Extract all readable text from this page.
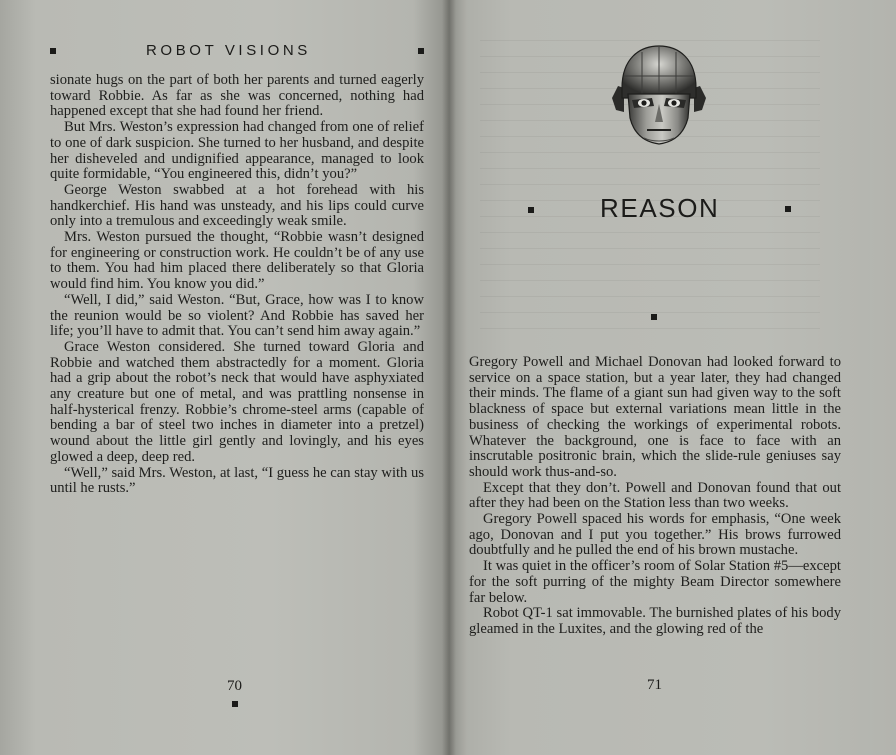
ROBOT VISIONS

sionate hugs on the part of both her parents and turned eagerly toward Robbie. As far as she was concerned, nothing had happened except that she had found her friend.

But Mrs. Weston’s expression had changed from one of relief to one of dark suspicion. She turned to her husband, and despite her disheveled and undignified appearance, managed to look quite formidable, “You engineered this, didn’t you?”

George Weston swabbed at a hot forehead with his handkerchief. His hand was unsteady, and his lips could curve only into a tremulous and exceedingly weak smile.

Mrs. Weston pursued the thought, “Robbie wasn’t designed for engineering or construction work. He couldn’t be of any use to them. You had him placed there deliberately so that Gloria would find him. You know you did.”

“Well, I did,” said Weston. “But, Grace, how was I to know the reunion would be so violent? And Robbie has saved her life; you’ll have to admit that. You can’t send him away again.”

Grace Weston considered. She turned toward Gloria and Robbie and watched them abstractedly for a moment. Gloria had a grip about the robot’s neck that would have asphyxiated any creature but one of metal, and was prattling nonsense in half-hysterical frenzy. Robbie’s chrome-steel arms (capable of bending a bar of steel two inches in diameter into a pretzel) wound about the little girl gently and lovingly, and his eyes glowed a deep, deep red.

“Well,” said Mrs. Weston, at last, “I guess he can stay with us until he rusts.”

70
REASON

Gregory Powell and Michael Donovan had looked forward to service on a space station, but a year later, they had changed their minds. The flame of a giant sun had given way to the soft blackness of space but external variations mean little in the business of checking the workings of experimental robots. Whatever the background, one is face to face with an inscrutable positronic brain, which the slide-rule geniuses say should work thus-and-so.

Except that they don’t. Powell and Donovan found that out after they had been on the Station less than two weeks.

Gregory Powell spaced his words for emphasis, “One week ago, Donovan and I put you together.” His brows furrowed doubtfully and he pulled the end of his brown mustache.

It was quiet in the officer’s room of Solar Station #5—except for the soft purring of the mighty Beam Director somewhere far below.

Robot QT-1 sat immovable. The burnished plates of his body gleamed in the Luxites, and the glowing red of the

71
